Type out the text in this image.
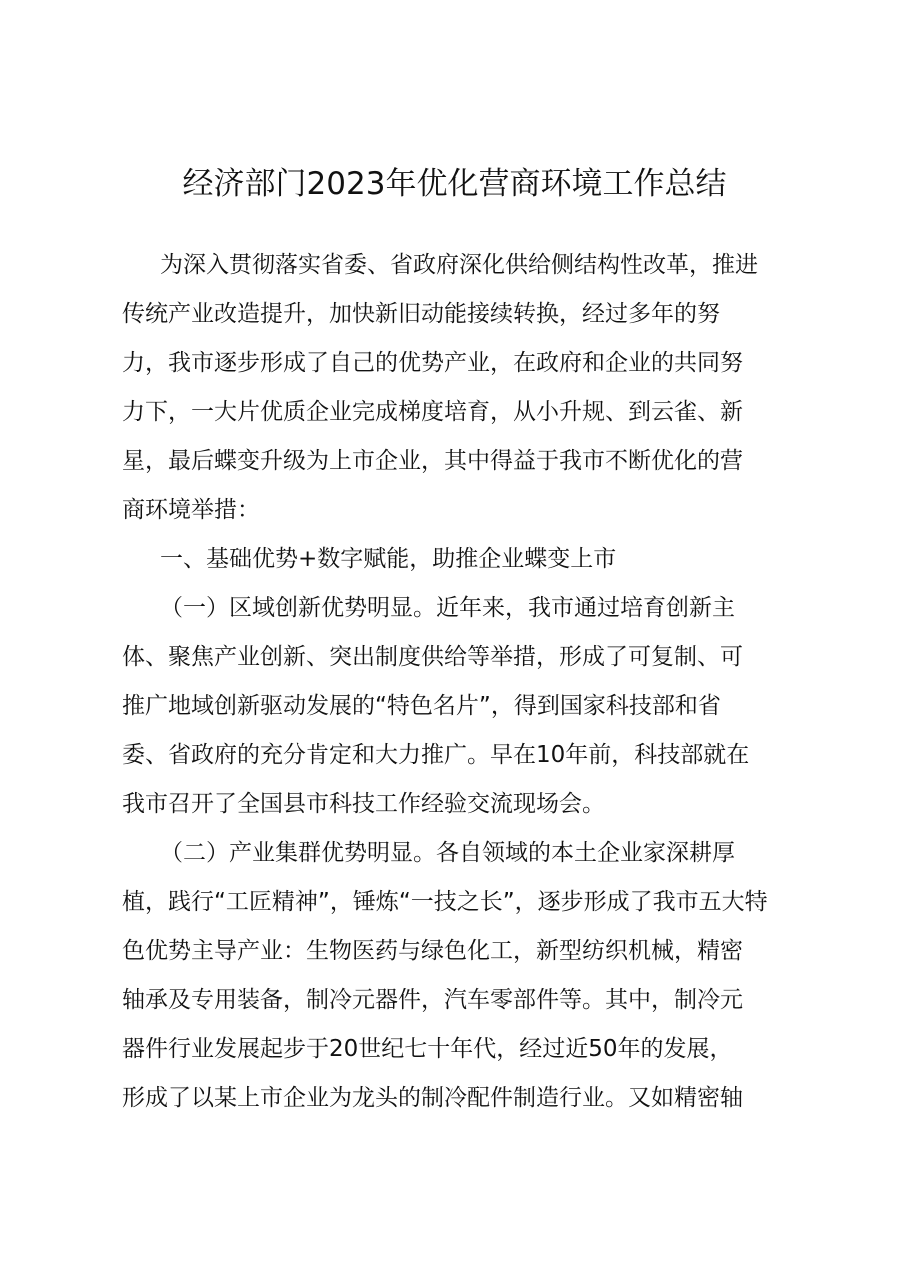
经济部门2023年优化营商环境工作总结
为深入贯彻落实省委、省政府深化供给侧结构性改革，推进
传统产业改造提升，加快新旧动能接续转换，经过多年的努
力，我市逐步形成了自己的优势产业，在政府和企业的共同努
力下，一大片优质企业完成梯度培育，从小升规、到云雀、新
星，最后蝶变升级为上市企业，其中得益于我市不断优化的营
商环境举措：
一、基础优势+数字赋能，助推企业蝶变上市
（一）区域创新优势明显。近年来，我市通过培育创新主
体、聚焦产业创新、突出制度供给等举措，形成了可复制、可
推广地域创新驱动发展的“特色名片”，得到国家科技部和省
委、省政府的充分肯定和大力推广。早在10年前，科技部就在
我市召开了全国县市科技工作经验交流现场会。
（二）产业集群优势明显。各自领域的本土企业家深耕厚
植，践行“工匠精神”，锤炼“一技之长”，逐步形成了我市五大特
色优势主导产业：生物医药与绿色化工，新型纺织机械，精密
轴承及专用装备，制冷元器件，汽车零部件等。其中，制冷元
器件行业发展起步于20世纪七十年代，经过近50年的发展，
形成了以某上市企业为龙头的制冷配件制造行业。又如精密轴
